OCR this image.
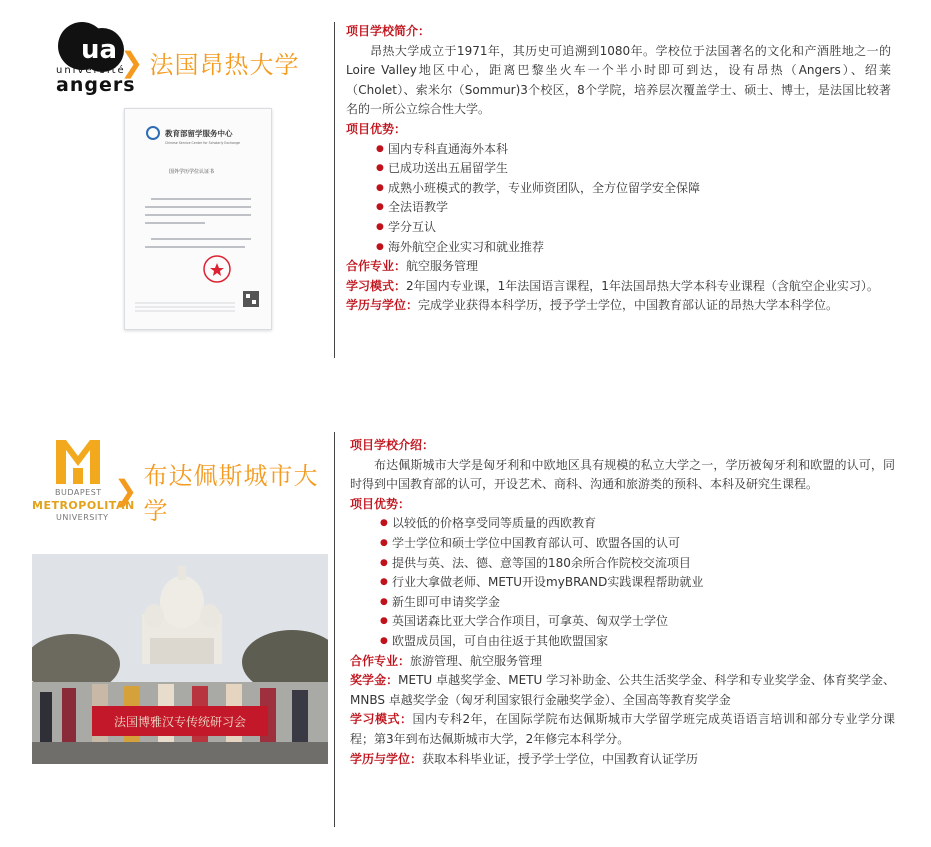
ua
université
angers
❯ 法国昂热大学
教育部留学服务中心
Chinese Service Center for Scholarly Exchange
国外学历学位认证书
项目学校简介：
昂热大学成立于1971年，其历史可追溯到1080年。学校位于法国著名的文化和产酒胜地之一的Loire Valley地区中心，距离巴黎坐火车一个半小时即可到达，设有昂热（Angers）、绍莱（Cholet）、索米尔（Sommur)3个校区，8个学院，培养层次覆盖学士、硕士、博士，是法国比较著名的一所公立综合性大学。
项目优势：
● 国内专科直通海外本科
● 已成功送出五届留学生
● 成熟小班模式的教学，专业师资团队，全方位留学安全保障
● 全法语教学
● 学分互认
● 海外航空企业实习和就业推荐
合作专业：航空服务管理
学习模式：2年国内专业课，1年法国语言课程，1年法国昂热大学本科专业课程（含航空企业实习）。
学历与学位：完成学业获得本科学历，授予学士学位，中国教育部认证的昂热大学本科学位。
BUDAPEST
METROPOLITAN
UNIVERSITY
❯ 布达佩斯城市大学
法国博雅汉专传统研习会
项目学校介绍：
布达佩斯城市大学是匈牙利和中欧地区具有规模的私立大学之一，学历被匈牙利和欧盟的认可，同时得到中国教育部的认可，开设艺术、商科、沟通和旅游类的预科、本科及研究生课程。
项目优势：
● 以较低的价格享受同等质量的西欧教育
● 学士学位和硕士学位中国教育部认可、欧盟各国的认可
● 提供与英、法、德、意等国的180余所合作院校交流项目
● 行业大拿做老师、METU开设myBRAND实践课程帮助就业
● 新生即可申请奖学金
● 英国诺森比亚大学合作项目，可拿英、匈双学士学位
● 欧盟成员国，可自由往返于其他欧盟国家
合作专业：旅游管理、航空服务管理
奖学金：METU 卓越奖学金、METU 学习补助金、公共生活奖学金、科学和专业奖学金、体育奖学金、MNBS 卓越奖学金（匈牙利国家银行金融奖学金）、全国高等教育奖学金
学习模式：国内专科2年，在国际学院布达佩斯城市大学留学班完成英语语言培训和部分专业学分课程；第3年到布达佩斯城市大学，2年修完本科学分。
学历与学位：获取本科毕业证，授予学士学位，中国教育认证学历
